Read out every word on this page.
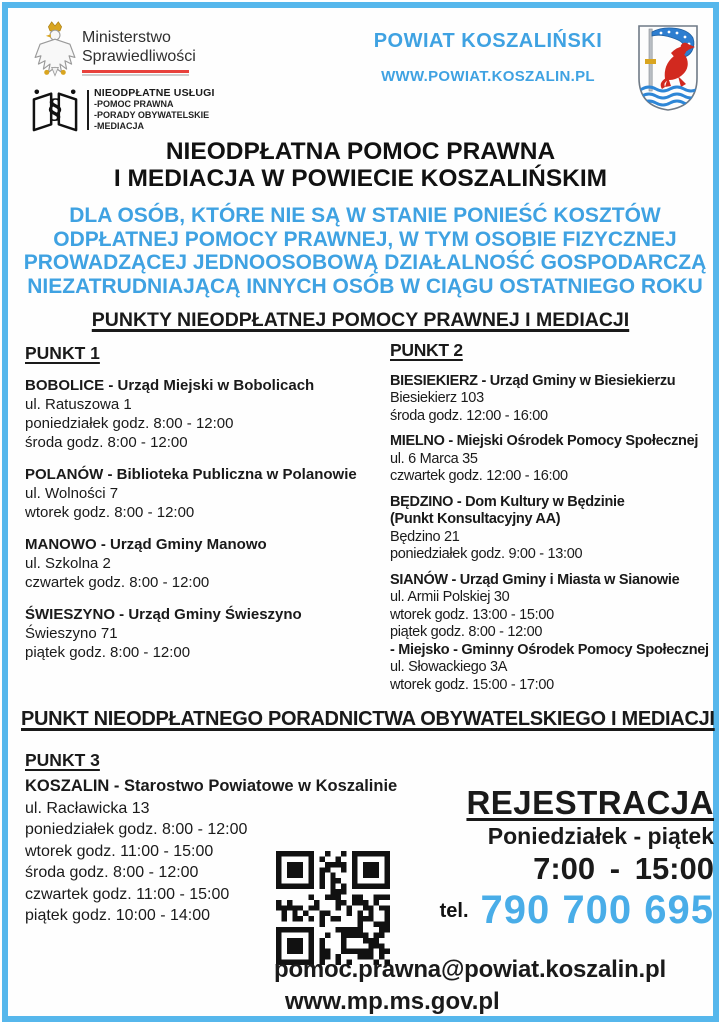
Ministerstwo
Sprawiedliwości
§
NIEODPŁATNE USŁUGI
-POMOC PRAWNA
-PORADY OBYWATELSKIE
-MEDIACJA
POWIAT KOSZALIŃSKI
WWW.POWIAT.KOSZALIN.PL
NIEODPŁATNA POMOC PRAWNA
I MEDIACJA W POWIECIE KOSZALIŃSKIM
DLA OSÓB, KTÓRE NIE SĄ W STANIE PONIEŚĆ KOSZTÓW
ODPŁATNEJ POMOCY PRAWNEJ, W TYM OSOBIE FIZYCZNEJ
PROWADZĄCEJ JEDNOOSOBOWĄ DZIAŁALNOŚĆ GOSPODARCZĄ
NIEZATRUDNIAJĄCĄ INNYCH OSÓB W CIĄGU OSTATNIEGO ROKU
PUNKTY NIEODPŁATNEJ POMOCY PRAWNEJ I MEDIACJI
PUNKT 1
BOBOLICE - Urząd Miejski w Bobolicach
ul. Ratuszowa 1
poniedziałek godz. 8:00 - 12:00
środa godz. 8:00 - 12:00
POLANÓW - Biblioteka Publiczna w Polanowie
ul. Wolności 7
wtorek godz. 8:00 - 12:00
MANOWO - Urząd Gminy Manowo
ul. Szkolna 2
czwartek godz. 8:00 - 12:00
ŚWIESZYNO - Urząd Gminy Świeszyno
Świeszyno 71
piątek godz. 8:00 - 12:00
PUNKT 2
BIESIEKIERZ - Urząd Gminy w Biesiekierzu
Biesiekierz 103
środa godz. 12:00 - 16:00
MIELNO - Miejski Ośrodek Pomocy Społecznej
ul. 6 Marca 35
czwartek godz. 12:00 - 16:00
BĘDZINO - Dom Kultury w Będzinie
(Punkt Konsultacyjny AA)
Będzino 21
poniedziałek godz. 9:00 - 13:00
SIANÓW - Urząd Gminy i Miasta w Sianowie
ul. Armii Polskiej 30
wtorek godz. 13:00 - 15:00
piątek godz. 8:00 - 12:00
- Miejsko - Gminny Ośrodek Pomocy Społecznej
ul. Słowackiego 3A
wtorek godz. 15:00 - 17:00
PUNKT NIEODPŁATNEGO PORADNICTWA OBYWATELSKIEGO I MEDIACJI
PUNKT 3
KOSZALIN - Starostwo Powiatowe w Koszalinie
ul. Racławicka 13
poniedziałek godz. 8:00 - 12:00
wtorek godz. 11:00 - 15:00
środa godz. 8:00 - 12:00
czwartek godz. 11:00 - 15:00
piątek godz. 10:00 - 14:00
REJESTRACJA
Poniedziałek - piątek
7:00 - 15:00
tel. 790 700 695
pomoc.prawna@powiat.koszalin.pl
www.mp.ms.gov.pl
